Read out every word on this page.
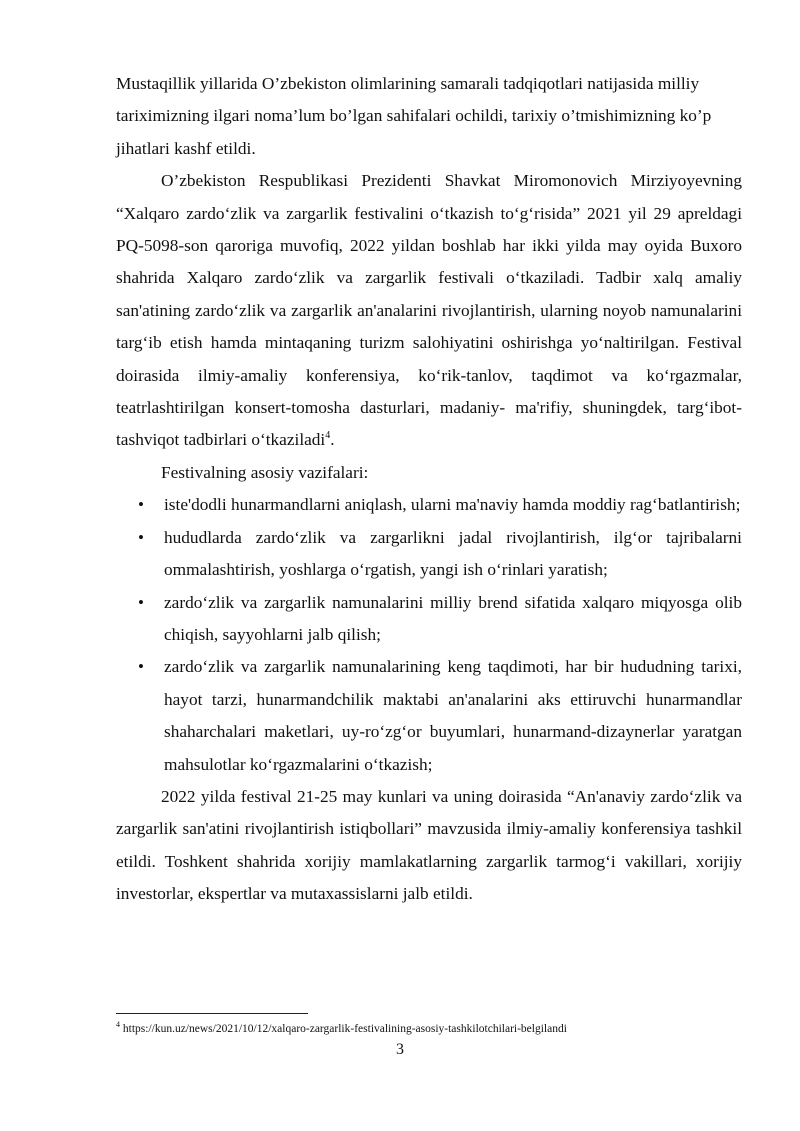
Mustaqillik yillarida O’zbekiston olimlarining samarali tadqiqotlari natijasida milliy tariximizning ilgari noma’lum bo’lgan sahifalari ochildi, tarixiy o’tmishimizning ko’p jihatlari kashf etildi.

O’zbekiston Respublikasi Prezidenti Shavkat Miromonovich Mirziyoyevning “Xalqaro zardo‘zlik va zargarlik festivalini o‘tkazish to‘g‘risida” 2021 yil 29 apreldagi PQ-5098-son qaroriga muvofiq, 2022 yildan boshlab har ikki yilda may oyida Buxoro shahrida Xalqaro zardo‘zlik va zargarlik festivali o‘tkaziladi. Tadbir xalq amaliy san'atining zardo‘zlik va zargarlik an'analarini rivojlantirish, ularning noyob namunalarini targ‘ib etish hamda mintaqaning turizm salohiyatini oshirishga yo‘naltirilgan. Festival doirasida ilmiy-amaliy konferensiya, ko‘rik-tanlov, taqdimot va ko‘rgazmalar, teatrlashtirilgan konsert-tomosha dasturlari, madaniy- ma'rifiy, shuningdek, targ‘ibot-tashviqot tadbirlari o‘tkaziladi$^4$.

Festivalning asosiy vazifalari:

• iste'dodli hunarmandlarni aniqlash, ularni ma'naviy hamda moddiy rag‘batlantirish;
• hududlarda zardo‘zlik va zargarlikni jadal rivojlantirish, ilg‘or tajribalarni ommalashtirish, yoshlarga o‘rgatish, yangi ish o‘rinlari yaratish;
• zardo‘zlik va zargarlik namunalarini milliy brend sifatida xalqaro miqyosga olib chiqish, sayyohlarni jalb qilish;
• zardo‘zlik va zargarlik namunalarining keng taqdimoti, har bir hududning tarixi, hayot tarzi, hunarmandchilik maktabi an'analarini aks ettiruvchi hunarmandlar shaharchalari maketlari, uy-ro‘zg‘or buyumlari, hunarmand-dizaynerlar yaratgan mahsulotlar ko‘rgazmalarini o‘tkazish;

2022 yilda festival 21-25 may kunlari va uning doirasida “An'anaviy zardo‘zlik va zargarlik san'atini rivojlantirish istiqbollari” mavzusida ilmiy-amaliy konferensiya tashkil etildi. Toshkent shahrida xorijiy mamlakatlarning zargarlik tarmog‘i vakillari, xorijiy investorlar, ekspertlar va mutaxassislarni jalb etildi.

$^4$ https://kun.uz/news/2021/10/12/xalqaro-zargarlik-festivalining-asosiy-tashkilotchilari-belgilandi
3
